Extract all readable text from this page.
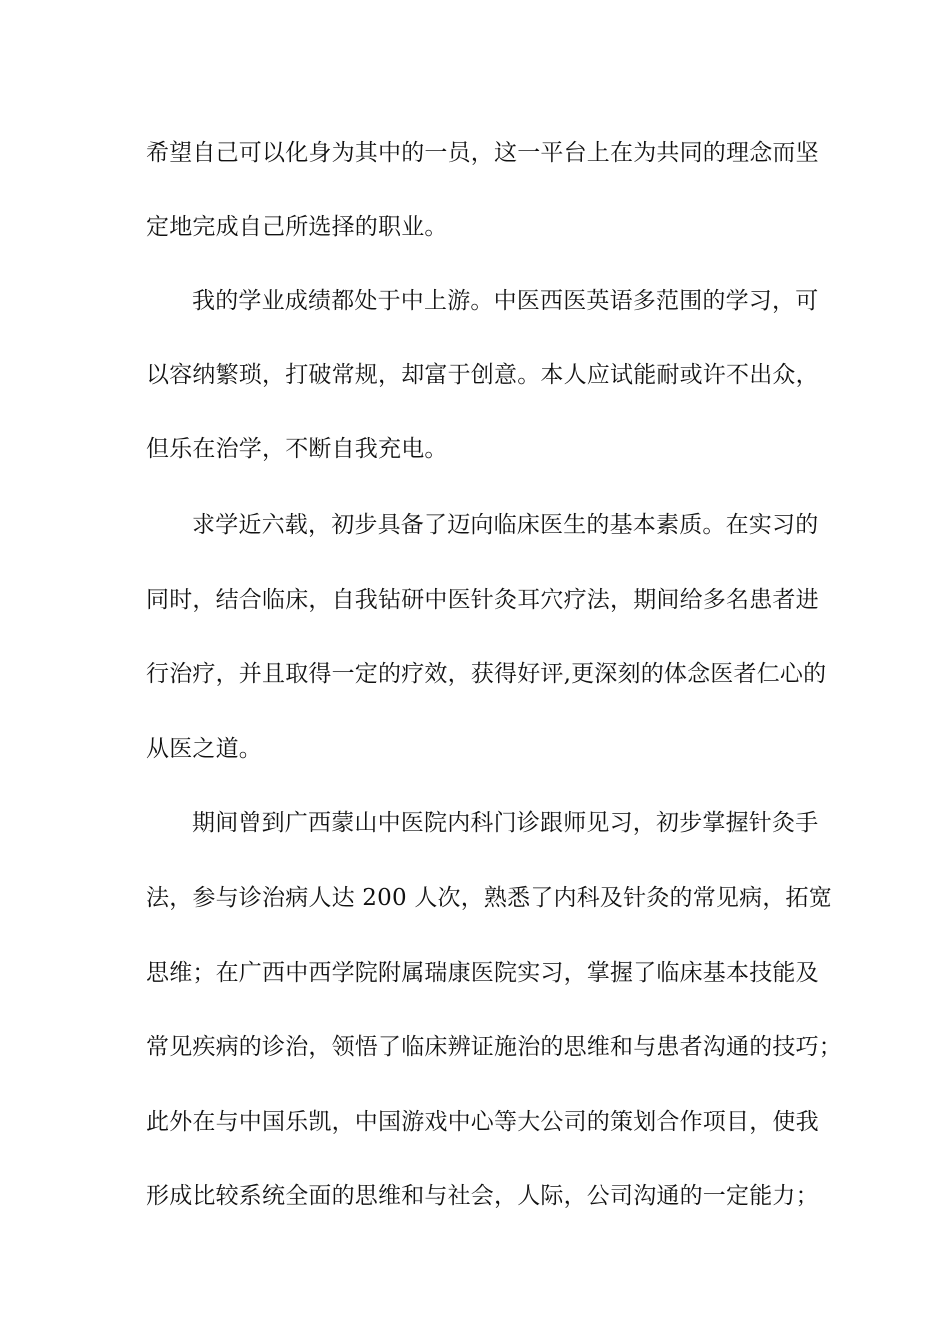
希望自己可以化身为其中的一员，这一平台上在为共同的理念而坚
定地完成自己所选择的职业。
我的学业成绩都处于中上游。中医西医英语多范围的学习，可
以容纳繁琐，打破常规，却富于创意。本人应试能耐或许不出众，
但乐在治学，不断自我充电。
求学近六载，初步具备了迈向临床医生的基本素质。在实习的
同时，结合临床，自我钻研中医针灸耳穴疗法，期间给多名患者进
行治疗，并且取得一定的疗效，获得好评,更深刻的体念医者仁心的
从医之道。
期间曾到广西蒙山中医院内科门诊跟师见习，初步掌握针灸手
法，参与诊治病人达 200 人次，熟悉了内科及针灸的常见病，拓宽
思维；在广西中西学院附属瑞康医院实习，掌握了临床基本技能及
常见疾病的诊治，领悟了临床辨证施治的思维和与患者沟通的技巧；
此外在与中国乐凯，中国游戏中心等大公司的策划合作项目，使我
形成比较系统全面的思维和与社会，人际，公司沟通的一定能力；
